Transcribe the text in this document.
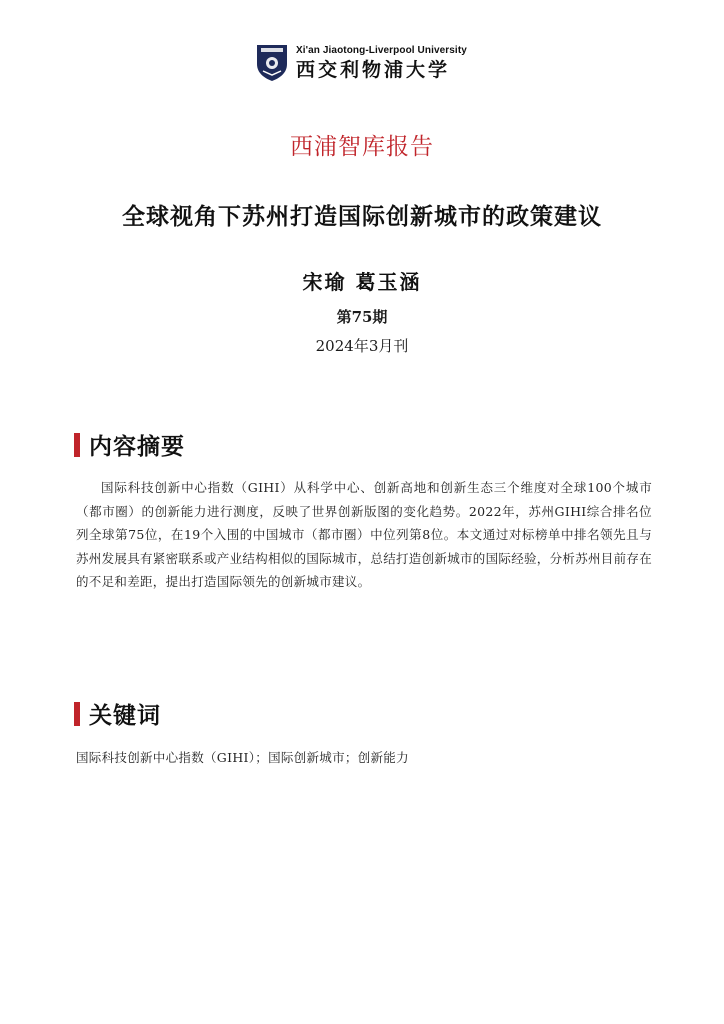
Xi'an Jiaotong-Liverpool University
西交利物浦大学
西浦智库报告
全球视角下苏州打造国际创新城市的政策建议
宋瑜 葛玉涵
第75期
2024年3月刊
内容摘要

国际科技创新中心指数（GIHI）从科学中心、创新高地和创新生态三个维度对全球100个城市（都市圈）的创新能力进行测度，反映了世界创新版图的变化趋势。2022年，苏州GIHI综合排名位列全球第75位，在19个入围的中国城市（都市圈）中位列第8位。本文通过对标榜单中排名领先且与苏州发展具有紧密联系或产业结构相似的国际城市，总结打造创新城市的国际经验，分析苏州目前存在的不足和差距，提出打造国际领先的创新城市建议。

关键词
国际科技创新中心指数（GIHI）；国际创新城市；创新能力
